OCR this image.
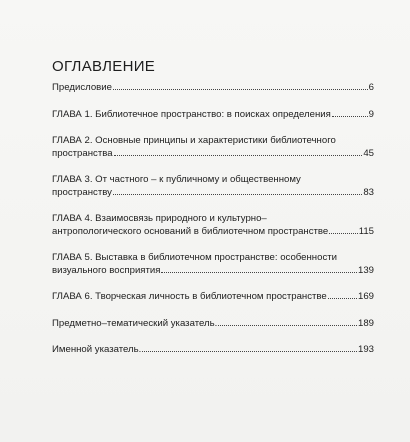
ОГЛАВЛЕНИЕ
Предисловие	6
ГЛАВА 1. Библиотечное пространство: в поисках определения	9
ГЛАВА 2. Основные принципы и характеристики библиотечного
пространства	45
ГЛАВА 3. От частного – к публичному и общественному
пространству	83
ГЛАВА 4. Взаимосвязь природного и культурно–
антропологического оснований в библиотечном пространстве	115
ГЛАВА 5. Выставка в библиотечном пространстве: особенности
визуального восприятия	139
ГЛАВА 6. Творческая личность в библиотечном пространстве	169
Предметно–тематический указатель.	189
Именной указатель.	193
